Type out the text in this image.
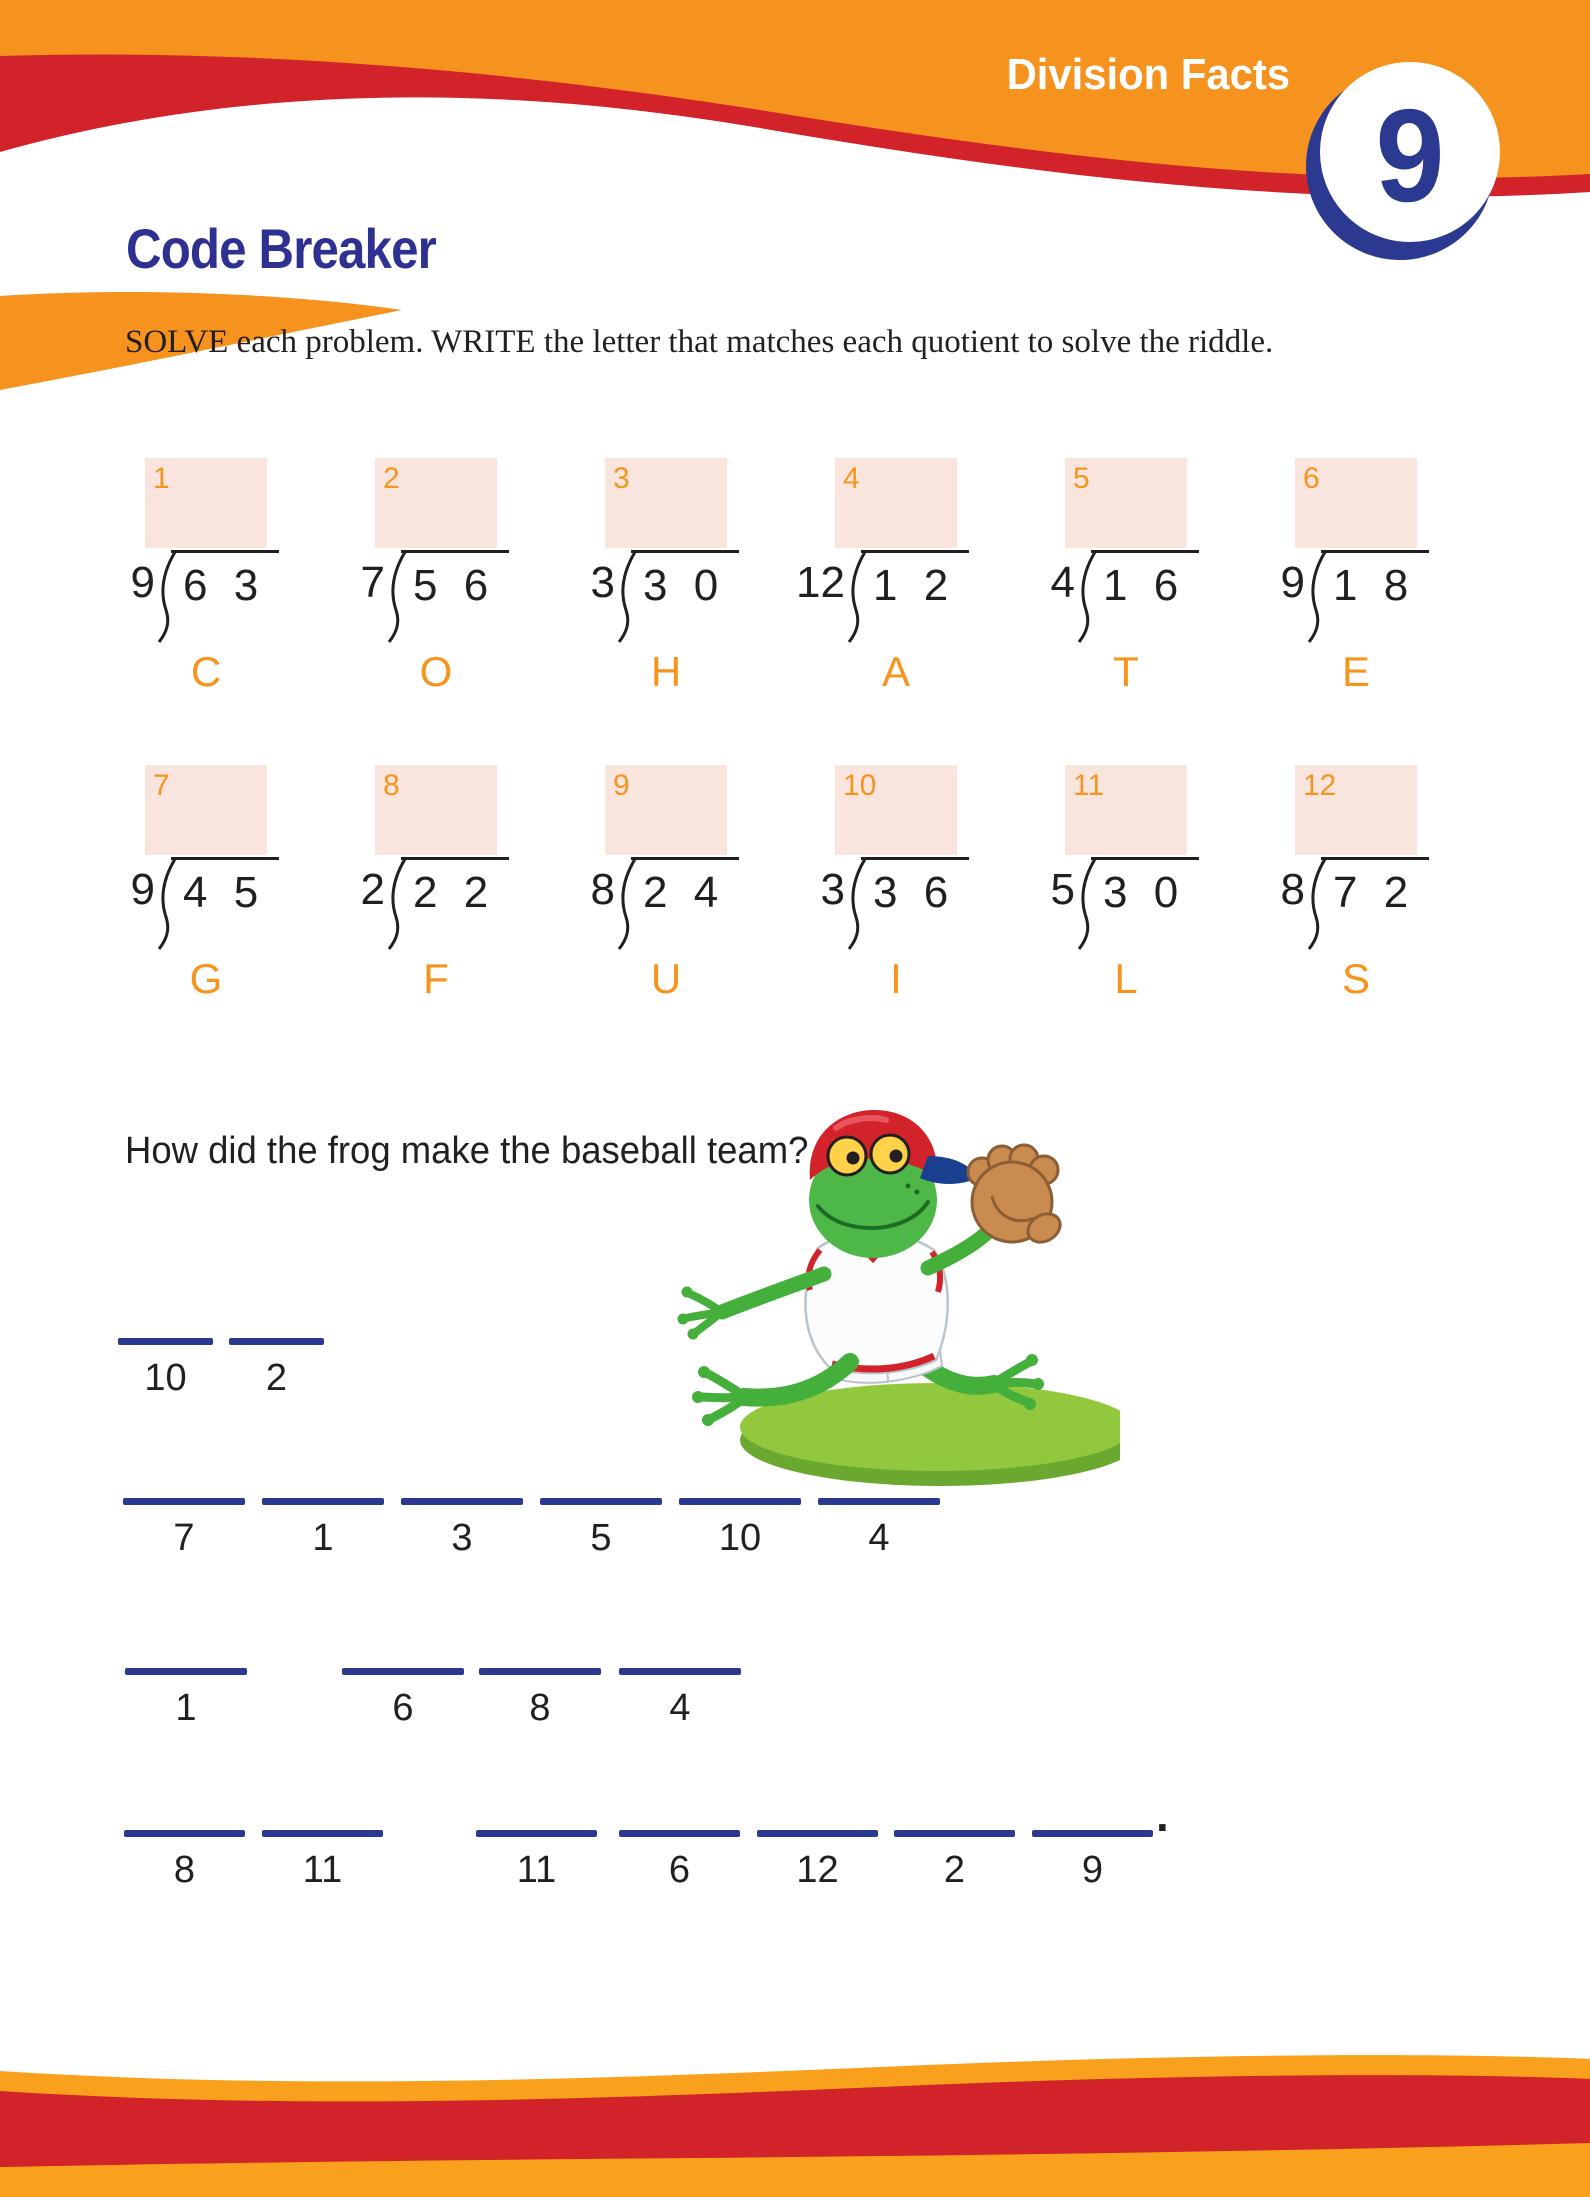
Division Facts
9
Code Breaker
SOLVE each problem. WRITE the letter that matches each quotient to solve the riddle.
1
9 6 3
C
2
7 5 6
O
3
3 3 0
H
4
12 1 2
A
5
4 1 6
T
6
9 1 8
E
7
9 4 5
G
8
2 2 2
F
9
8 2 4
U
10
3 3 6
I
11
5 3 0
L
12
8 7 2
S
How did the frog make the baseball team?
10	2
7	1	3	5	10	4
1	6	8	4
8	11	11	6	12	2	9
.
